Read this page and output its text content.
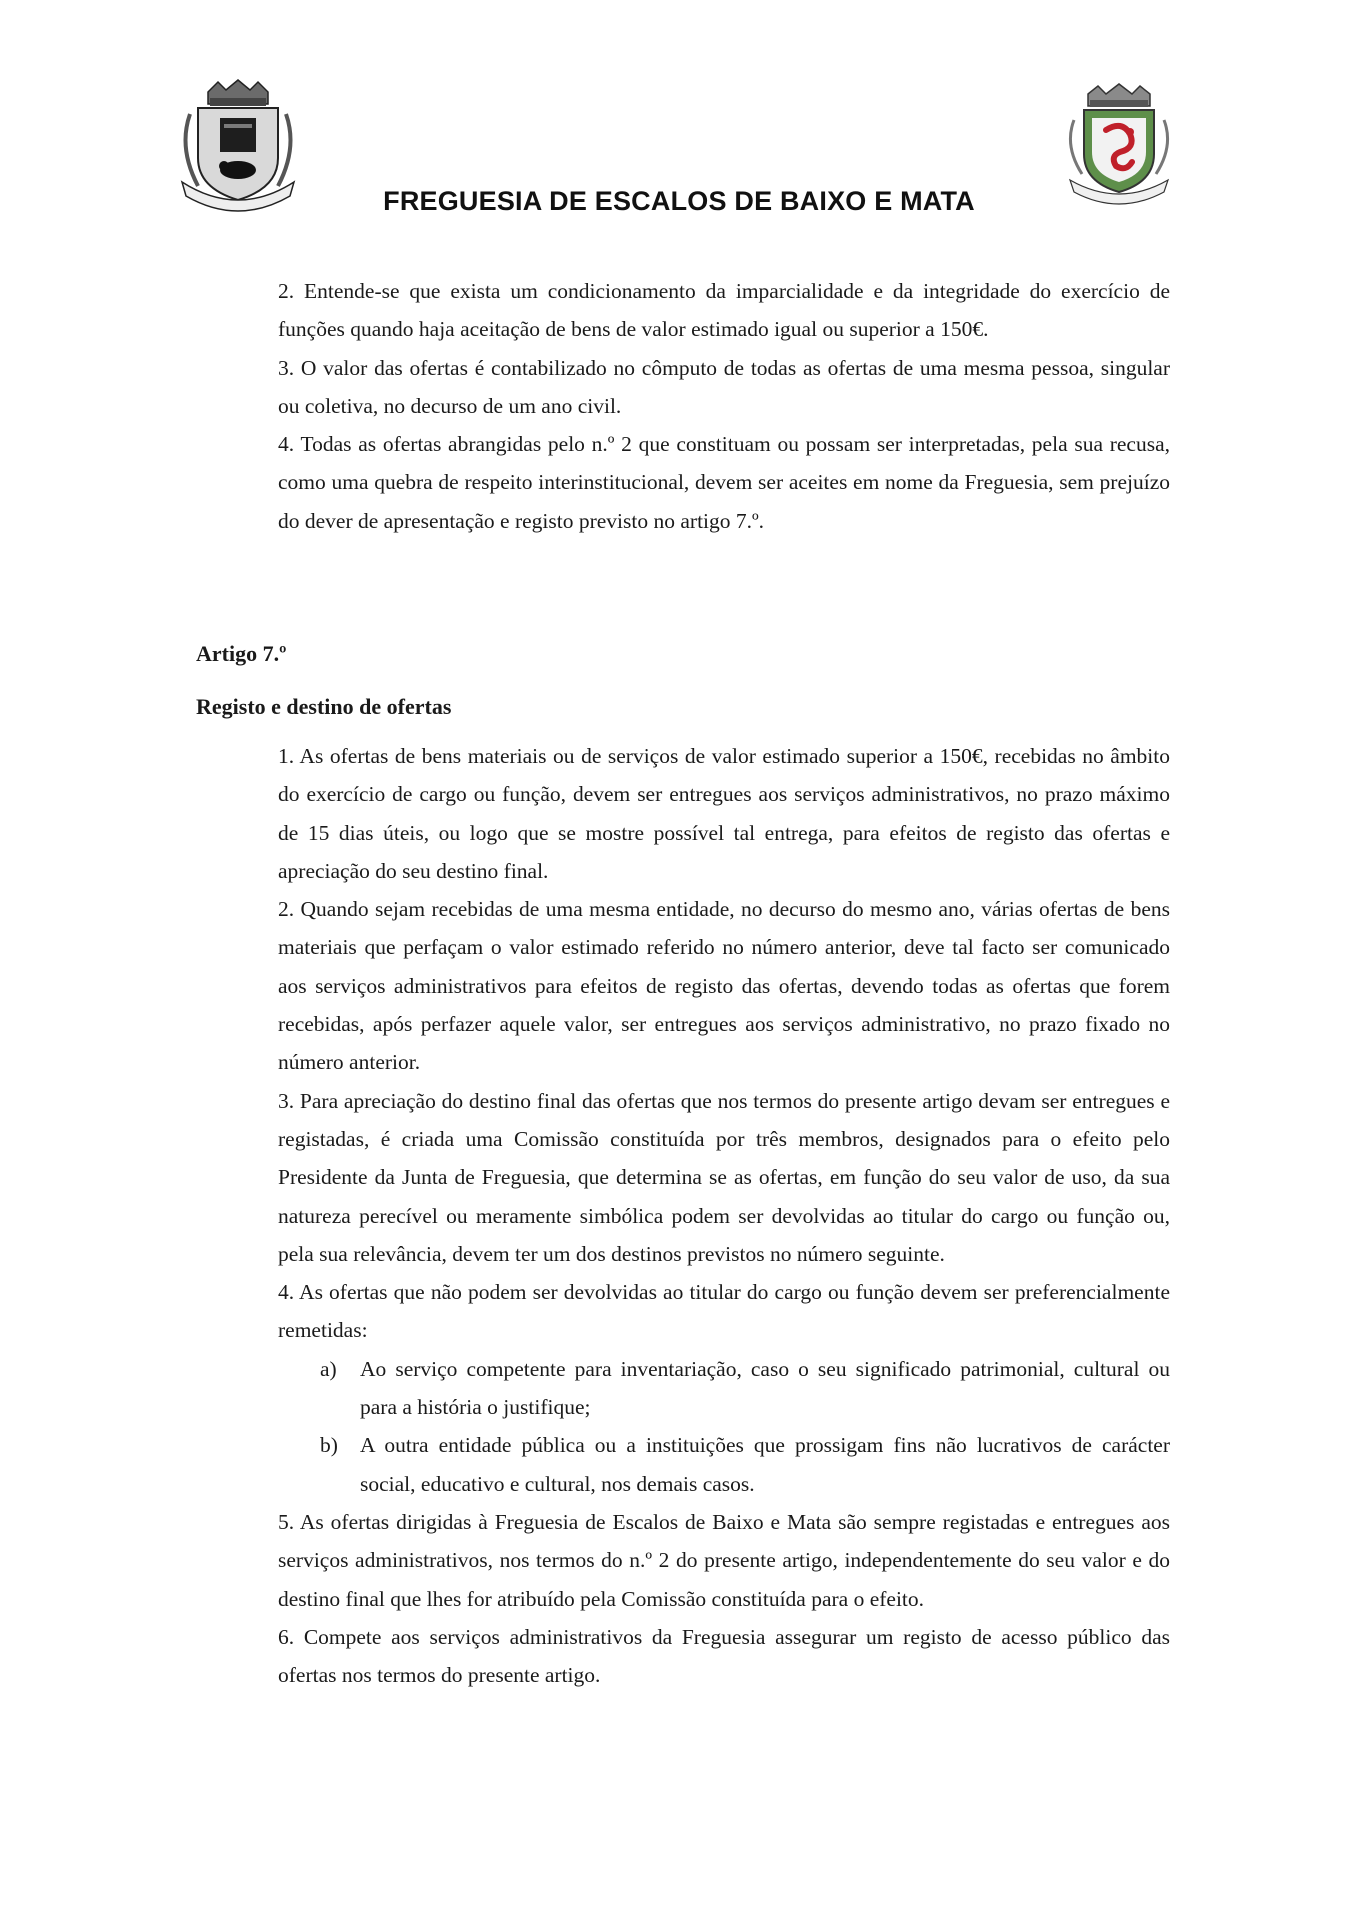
FREGUESIA DE ESCALOS DE BAIXO E MATA

2. Entende-se que exista um condicionamento da imparcialidade e da integridade do exercício de funções quando haja aceitação de bens de valor estimado igual ou superior a 150€.

3. O valor das ofertas é contabilizado no cômputo de todas as ofertas de uma mesma pessoa, singular ou coletiva, no decurso de um ano civil.

4. Todas as ofertas abrangidas pelo n.º 2 que constituam ou possam ser interpretadas, pela sua recusa, como uma quebra de respeito interinstitucional, devem ser aceites em nome da Freguesia, sem prejuízo do dever de apresentação e registo previsto no artigo 7.º.

Artigo 7.º
Registo e destino de ofertas

1. As ofertas de bens materiais ou de serviços de valor estimado superior a 150€, recebidas no âmbito do exercício de cargo ou função, devem ser entregues aos serviços administrativos, no prazo máximo de 15 dias úteis, ou logo que se mostre possível tal entrega, para efeitos de registo das ofertas e apreciação do seu destino final.

2. Quando sejam recebidas de uma mesma entidade, no decurso do mesmo ano, várias ofertas de bens materiais que perfaçam o valor estimado referido no número anterior, deve tal facto ser comunicado aos serviços administrativos para efeitos de registo das ofertas, devendo todas as ofertas que forem recebidas, após perfazer aquele valor, ser entregues aos serviços administrativo, no prazo fixado no número anterior.

3. Para apreciação do destino final das ofertas que nos termos do presente artigo devam ser entregues e registadas, é criada uma Comissão constituída por três membros, designados para o efeito pelo Presidente da Junta de Freguesia, que determina se as ofertas, em função do seu valor de uso, da sua natureza perecível ou meramente simbólica podem ser devolvidas ao titular do cargo ou função ou, pela sua relevância, devem ter um dos destinos previstos no número seguinte.

4. As ofertas que não podem ser devolvidas ao titular do cargo ou função devem ser preferencialmente remetidas:

a) Ao serviço competente para inventariação, caso o seu significado patrimonial, cultural ou para a história o justifique;

b) A outra entidade pública ou a instituições que prossigam fins não lucrativos de carácter social, educativo e cultural, nos demais casos.

5. As ofertas dirigidas à Freguesia de Escalos de Baixo e Mata são sempre registadas e entregues aos serviços administrativos, nos termos do n.º 2 do presente artigo, independentemente do seu valor e do destino final que lhes for atribuído pela Comissão constituída para o efeito.

6. Compete aos serviços administrativos da Freguesia assegurar um registo de acesso público das ofertas nos termos do presente artigo.
